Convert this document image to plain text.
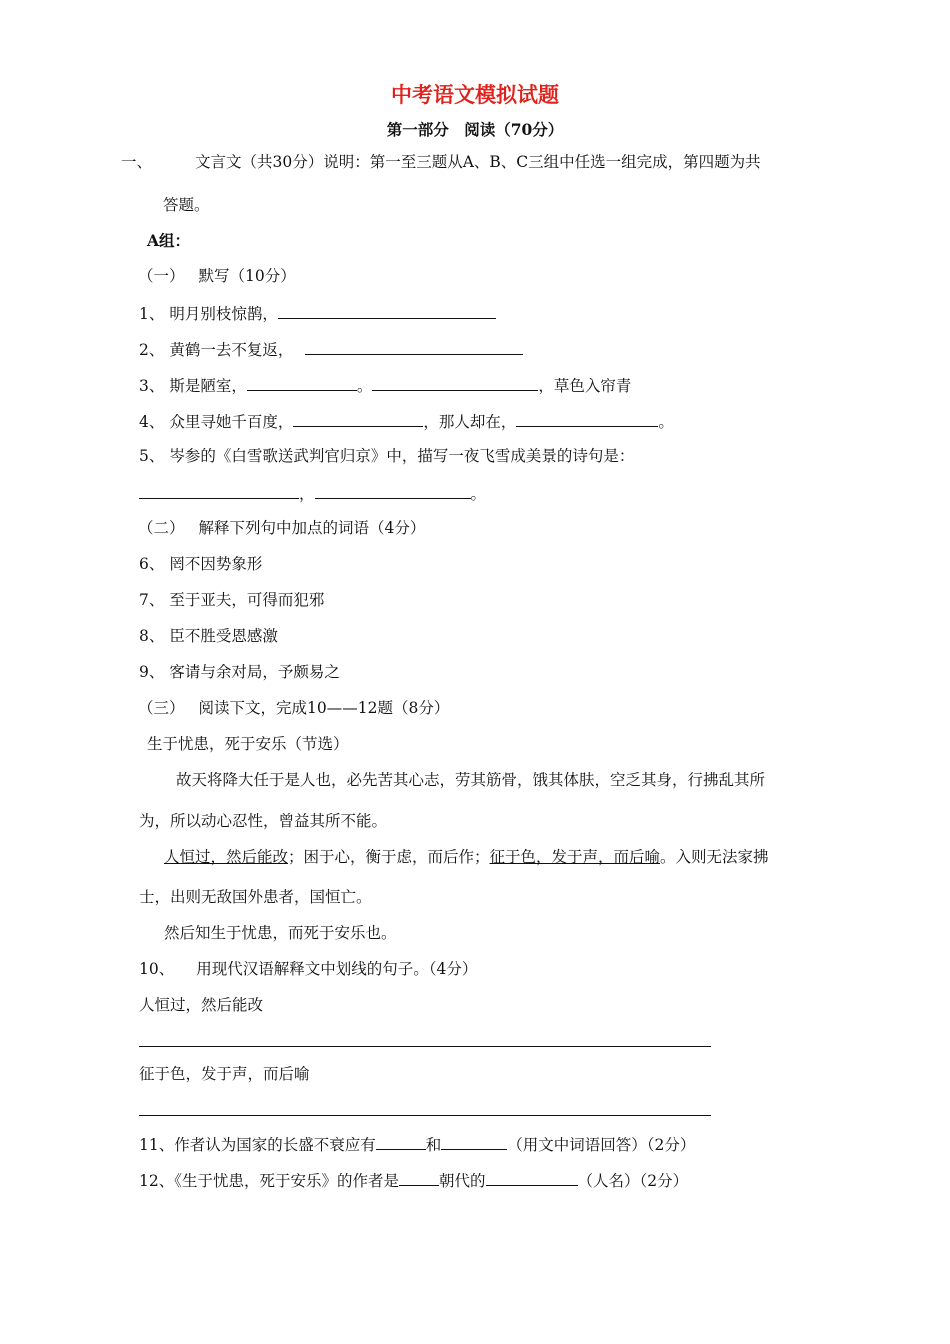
中考语文模拟试题
第一部分　阅读（70分）
一、	文言文（共30分）说明：第一至三题从A、B、C三组中任选一组完成，第四题为共
答题。
A组：
（一） 默写（10分）
1、 明月别枝惊鹊，
2、 黄鹤一去不复返，
3、 斯是陋室，	。	，草色入帘青
4、 众里寻她千百度，	，那人却在，	。
5、 岑参的《白雪歌送武判官归京》中，描写一夜飞雪成美景的诗句是：
，	。
（二） 解释下列句中加点的词语（4分）
6、 罔不因势象形
7、 至于亚夫，可得而犯邪
8、 臣不胜受恩感激
9、 客请与余对局，予颇易之
（三） 阅读下文，完成10——12题（8分）
生于忧患，死于安乐（节选）
故天将降大任于是人也，必先苦其心志，劳其筋骨，饿其体肤，空乏其身，行拂乱其所
为，所以动心忍性，曾益其所不能。
人恒过，然后能改；困于心，衡于虑，而后作；征于色，发于声，而后喻。入则无法家拂
士，出则无敌国外患者，国恒亡。
然后知生于忧患，而死于安乐也。
10、 用现代汉语解释文中划线的句子。（4分）
人恒过，然后能改
征于色，发于声，而后喻
11、作者认为国家的长盛不衰应有	和	（用文中词语回答）（2分）
12、《生于忧患，死于安乐》的作者是	朝代的	（人名）（2分）
